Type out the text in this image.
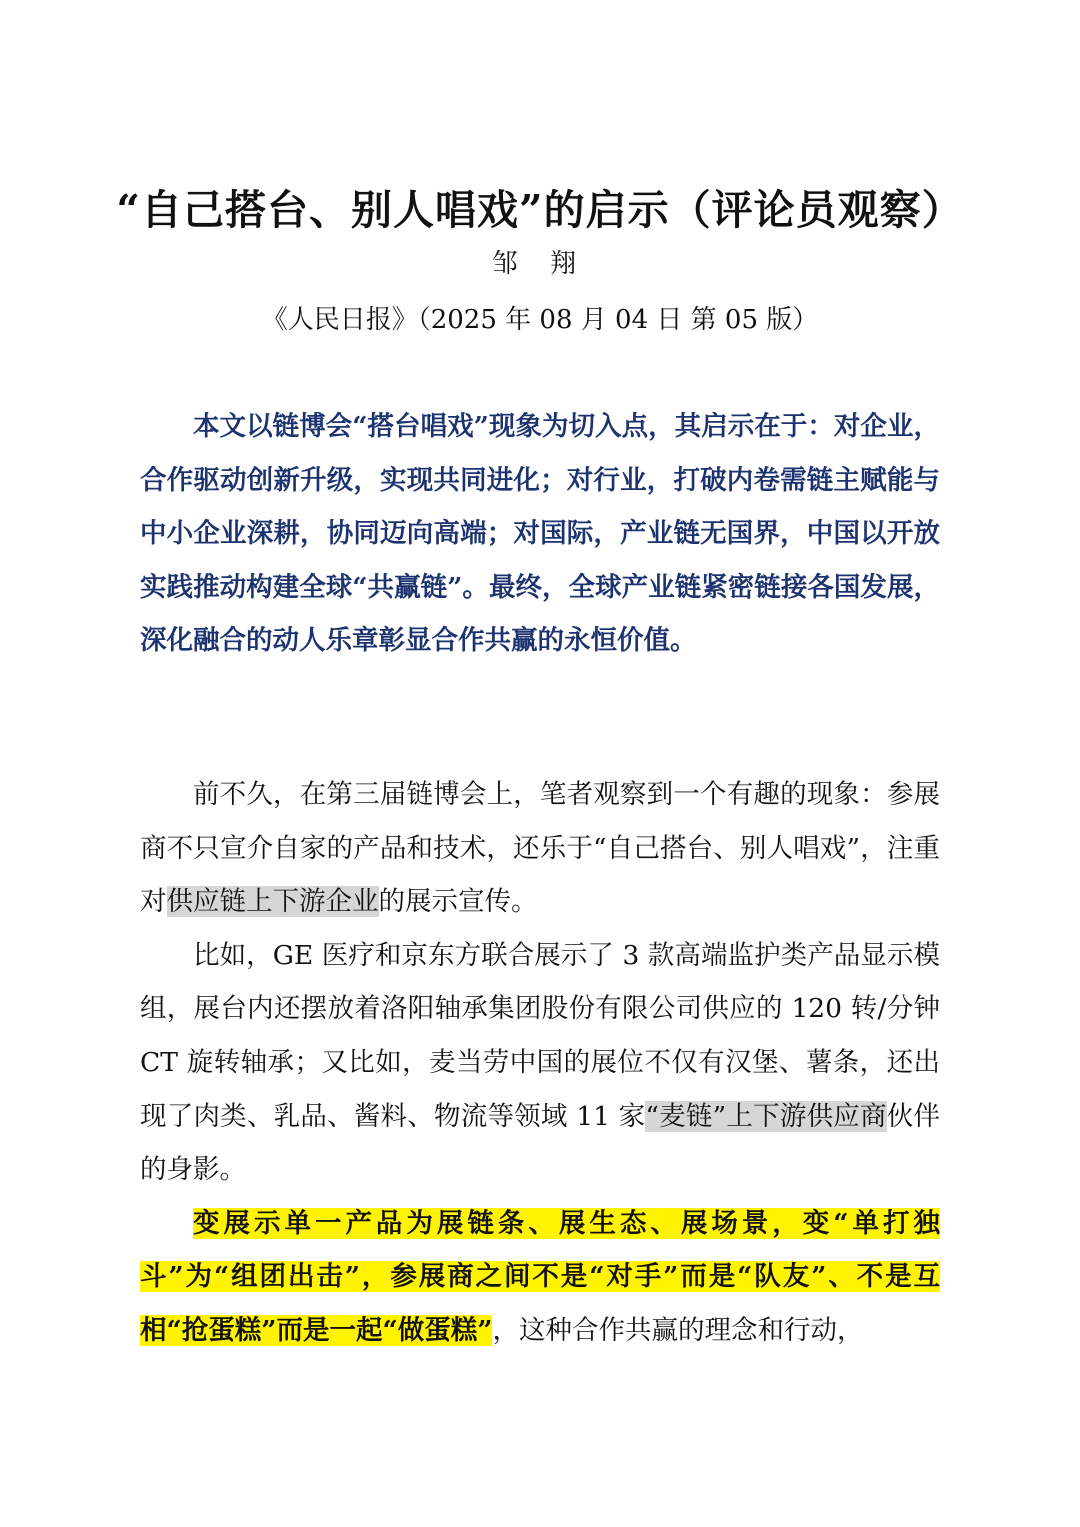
“自己搭台、别人唱戏”的启示（评论员观察）
邹 翔
《人民日报》（2025 年 08 月 04 日 第 05 版）
本文以链博会“搭台唱戏”现象为切入点，其启示在于：对企业，合作驱动创新升级，实现共同进化；对行业，打破内卷需链主赋能与中小企业深耕，协同迈向高端；对国际，产业链无国界，中国以开放实践推动构建全球“共赢链”。最终，全球产业链紧密链接各国发展，深化融合的动人乐章彰显合作共赢的永恒价值。

前不久，在第三届链博会上，笔者观察到一个有趣的现象：参展商不只宣介自家的产品和技术，还乐于“自己搭台、别人唱戏”，注重对供应链上下游企业的展示宣传。

比如，GE 医疗和京东方联合展示了 3 款高端监护类产品显示模组，展台内还摆放着洛阳轴承集团股份有限公司供应的 120 转/分钟 CT 旋转轴承；又比如，麦当劳中国的展位不仅有汉堡、薯条，还出现了肉类、乳品、酱料、物流等领域 11 家“麦链”上下游供应商伙伴的身影。

变展示单一产品为展链条、展生态、展场景，变“单打独斗”为“组团出击”，参展商之间不是“对手”而是“队友”、不是互相“抢蛋糕”而是一起“做蛋糕”，这种合作共赢的理念和行动，
